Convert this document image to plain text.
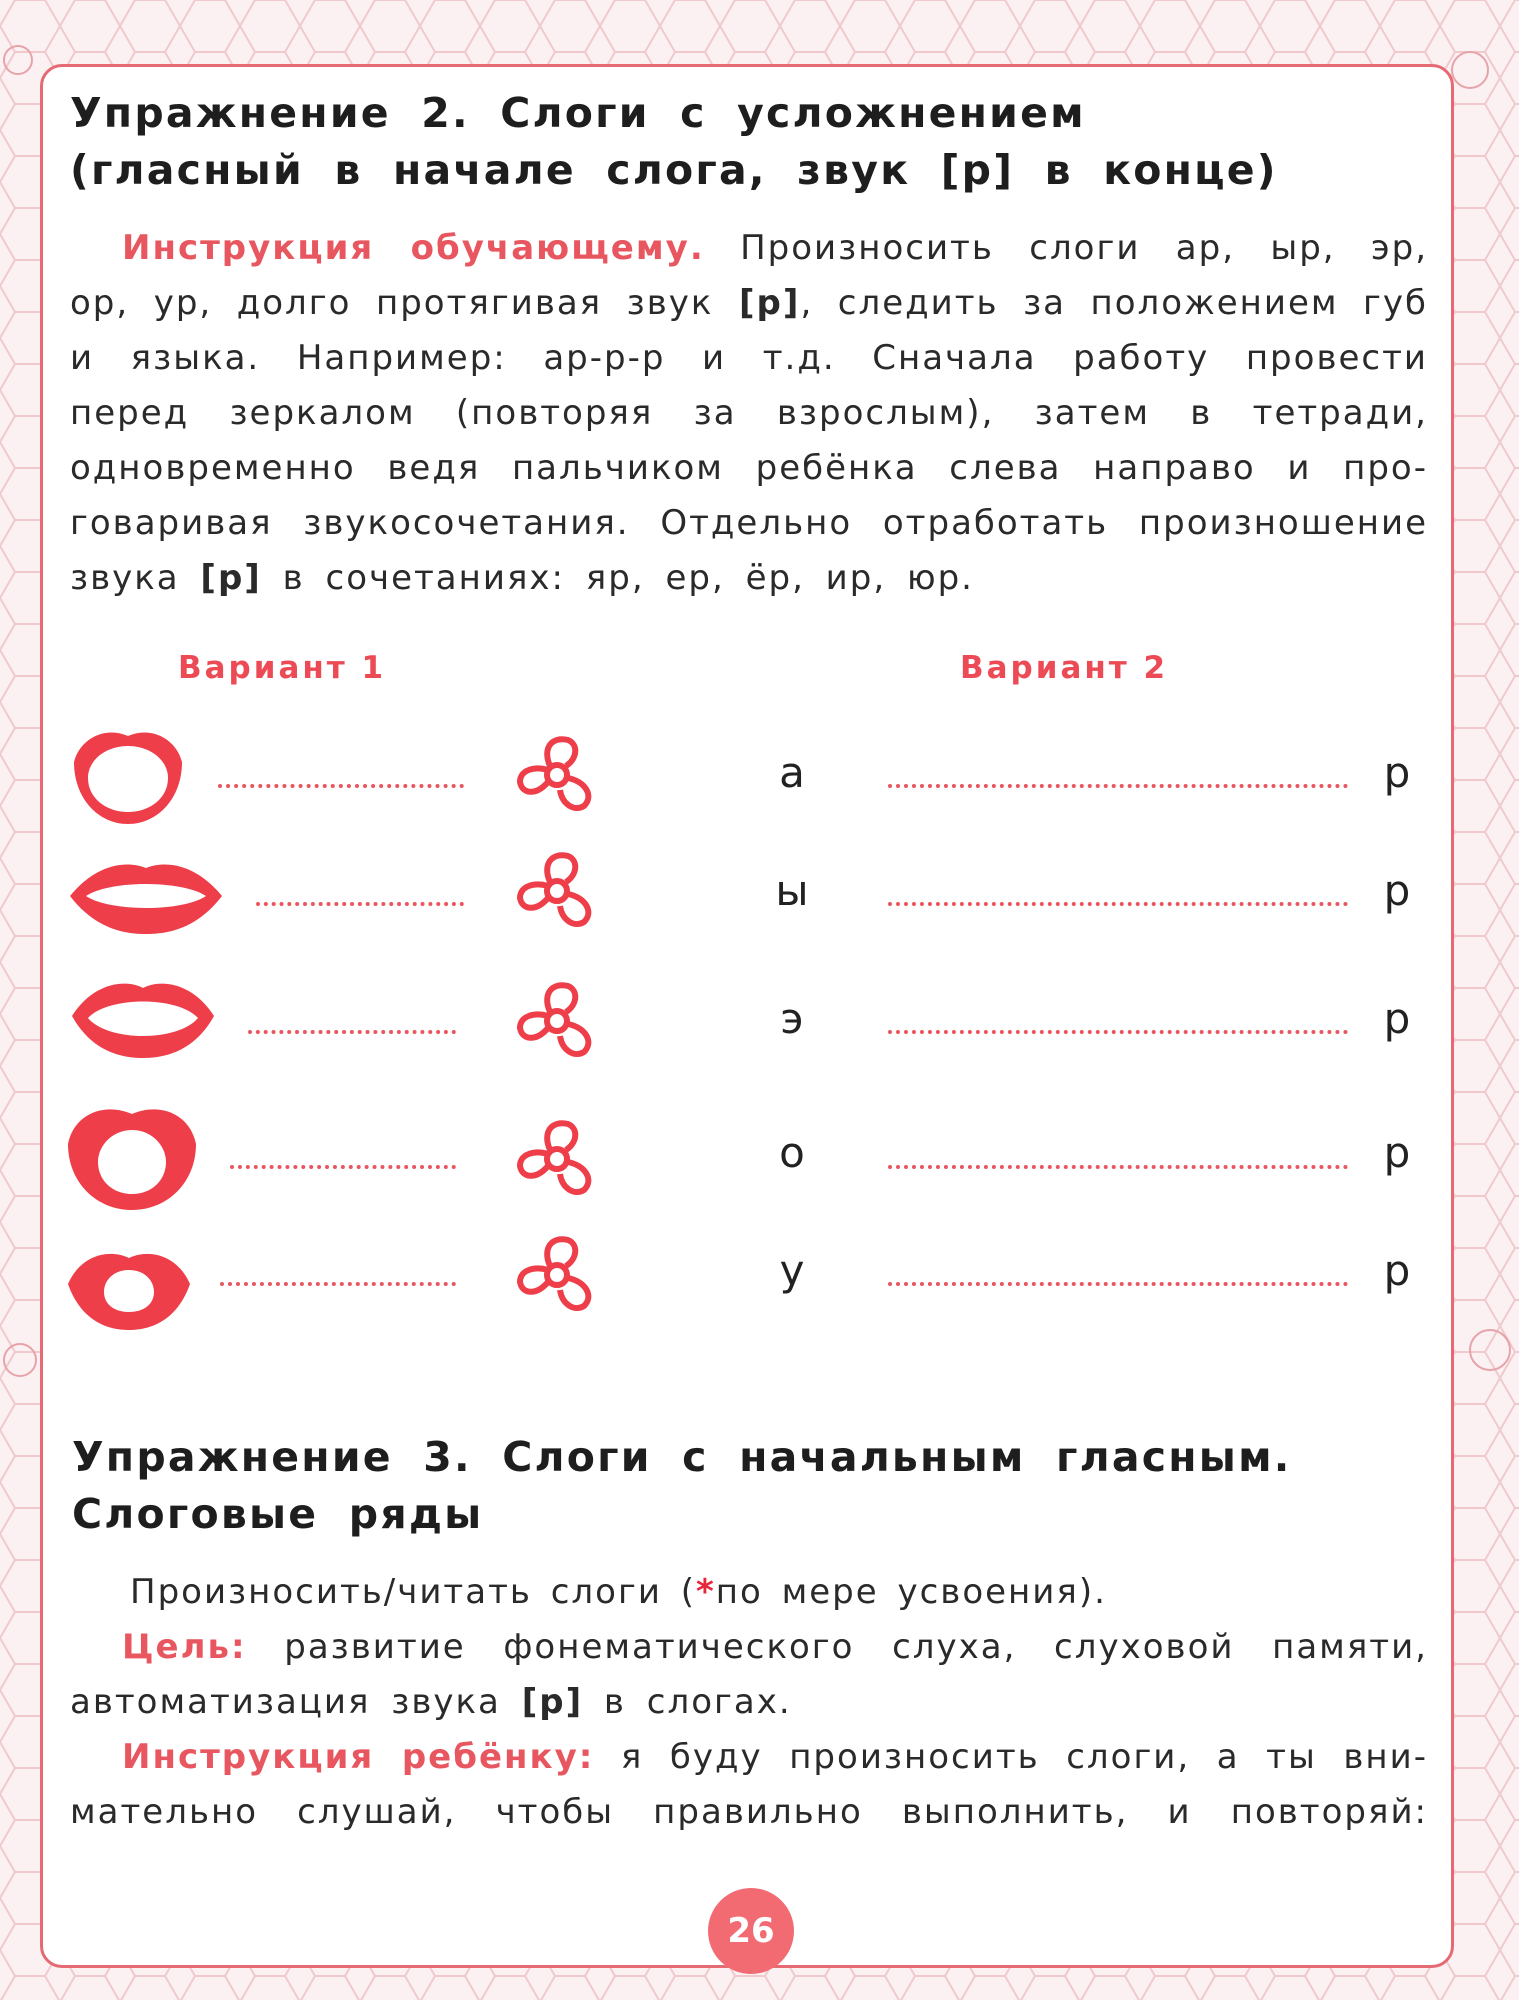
Упражнение 2. Слоги с усложнением
(гласный в начале слога, звук [р] в конце)
Инструкция обучающему. Произносить слоги ар, ыр, эр,
ор, ур, долго протягивая звук [р], следить за положением губ
и языка. Например: ар-р-р и т.д. Сначала работу провести
перед зеркалом (повторяя за взрослым), затем в тетради,
одновременно ведя пальчиком ребёнка слева направо и про-
говаривая звукосочетания. Отдельно отработать произношение
звука [р] в сочетаниях: яр, ер, ёр, ир, юр.
Вариант 1	Вариант 2
а
ы
э
о
у
р
р
р
р
р
Упражнение 3. Слоги с начальным гласным.
Слоговые ряды
Произносить/читать слоги (*по мере усвоения).
Цель: развитие фонематического слуха, слуховой памяти,
автоматизация звука [р] в слогах.
Инструкция ребёнку: я буду произносить слоги, а ты вни-
мательно слушай, чтобы правильно выполнить, и повторяй:
26
